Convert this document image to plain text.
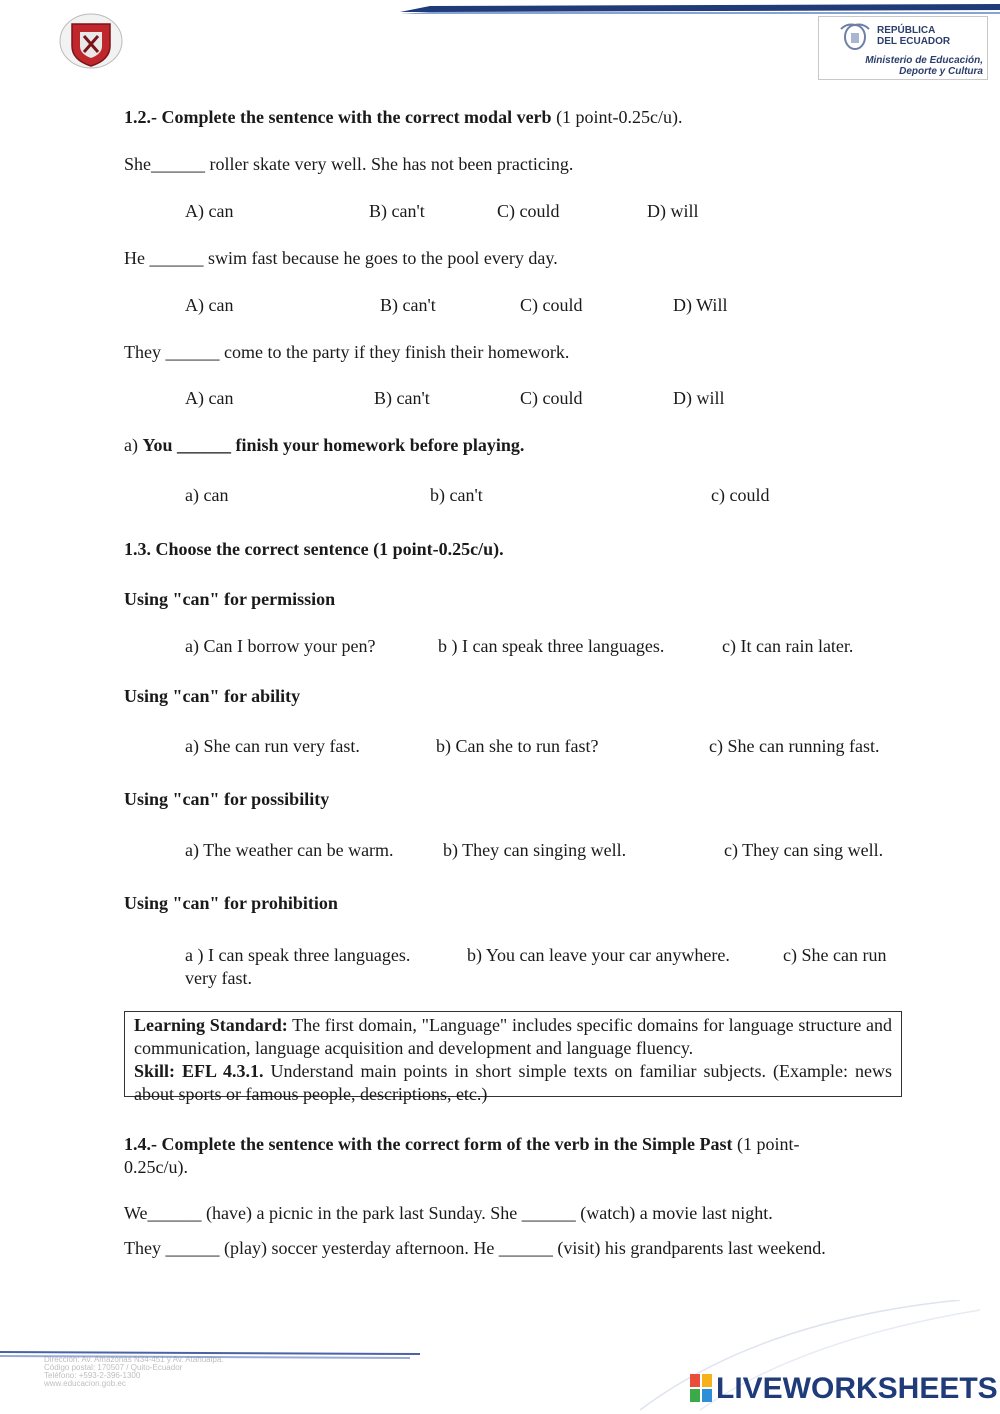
REPÚBLICA
DEL ECUADOR
Ministerio de Educación,
Deporte y Cultura
1.2.- Complete the sentence with the correct modal verb (1 point-0.25c/u).
She______ roller skate very well. She has not been practicing.
A) can	B) can't	C) could	D) will
He ______ swim fast because he goes to the pool every day.
A) can	B) can't	C) could	D) Will
They ______ come to the party if they finish their homework.
A) can	B) can't	C) could	D) will
a) You ______ finish your homework before playing.
a) can	b) can't	c) could
1.3. Choose the correct sentence (1 point-0.25c/u).
Using "can" for permission
a) Can I borrow your pen?	b ) I can speak three languages.	c) It can rain later.
Using "can" for ability
a) She can run very fast.	b) Can she to run fast?	c) She can running fast.
Using "can" for possibility
a) The weather can be warm.	b) They can singing well.	c) They can sing well.
Using "can" for prohibition
a ) I can speak three languages.	b) You can leave your car anywhere.	c) She can run
very fast.
Learning Standard: The first domain, "Language" includes specific domains for language structure and communication, language acquisition and development and language fluency.
Skill: EFL 4.3.1. Understand main points in short simple texts on familiar subjects. (Example: news about sports or famous people, descriptions, etc.)
1.4.- Complete the sentence with the correct form of the verb in the Simple Past (1 point-
0.25c/u).
We______ (have) a picnic in the park last Sunday. She ______ (watch) a movie last night.
They ______ (play) soccer yesterday afternoon. He ______ (visit) his grandparents last weekend.
Dirección: Av. Amazonas N34-451 y Av. Atahualpa.
Código postal: 170507 / Quito-Ecuador
Teléfono: +593-2-396-1300
www.educacion.gob.ec	LIVEWORKSHEETS
